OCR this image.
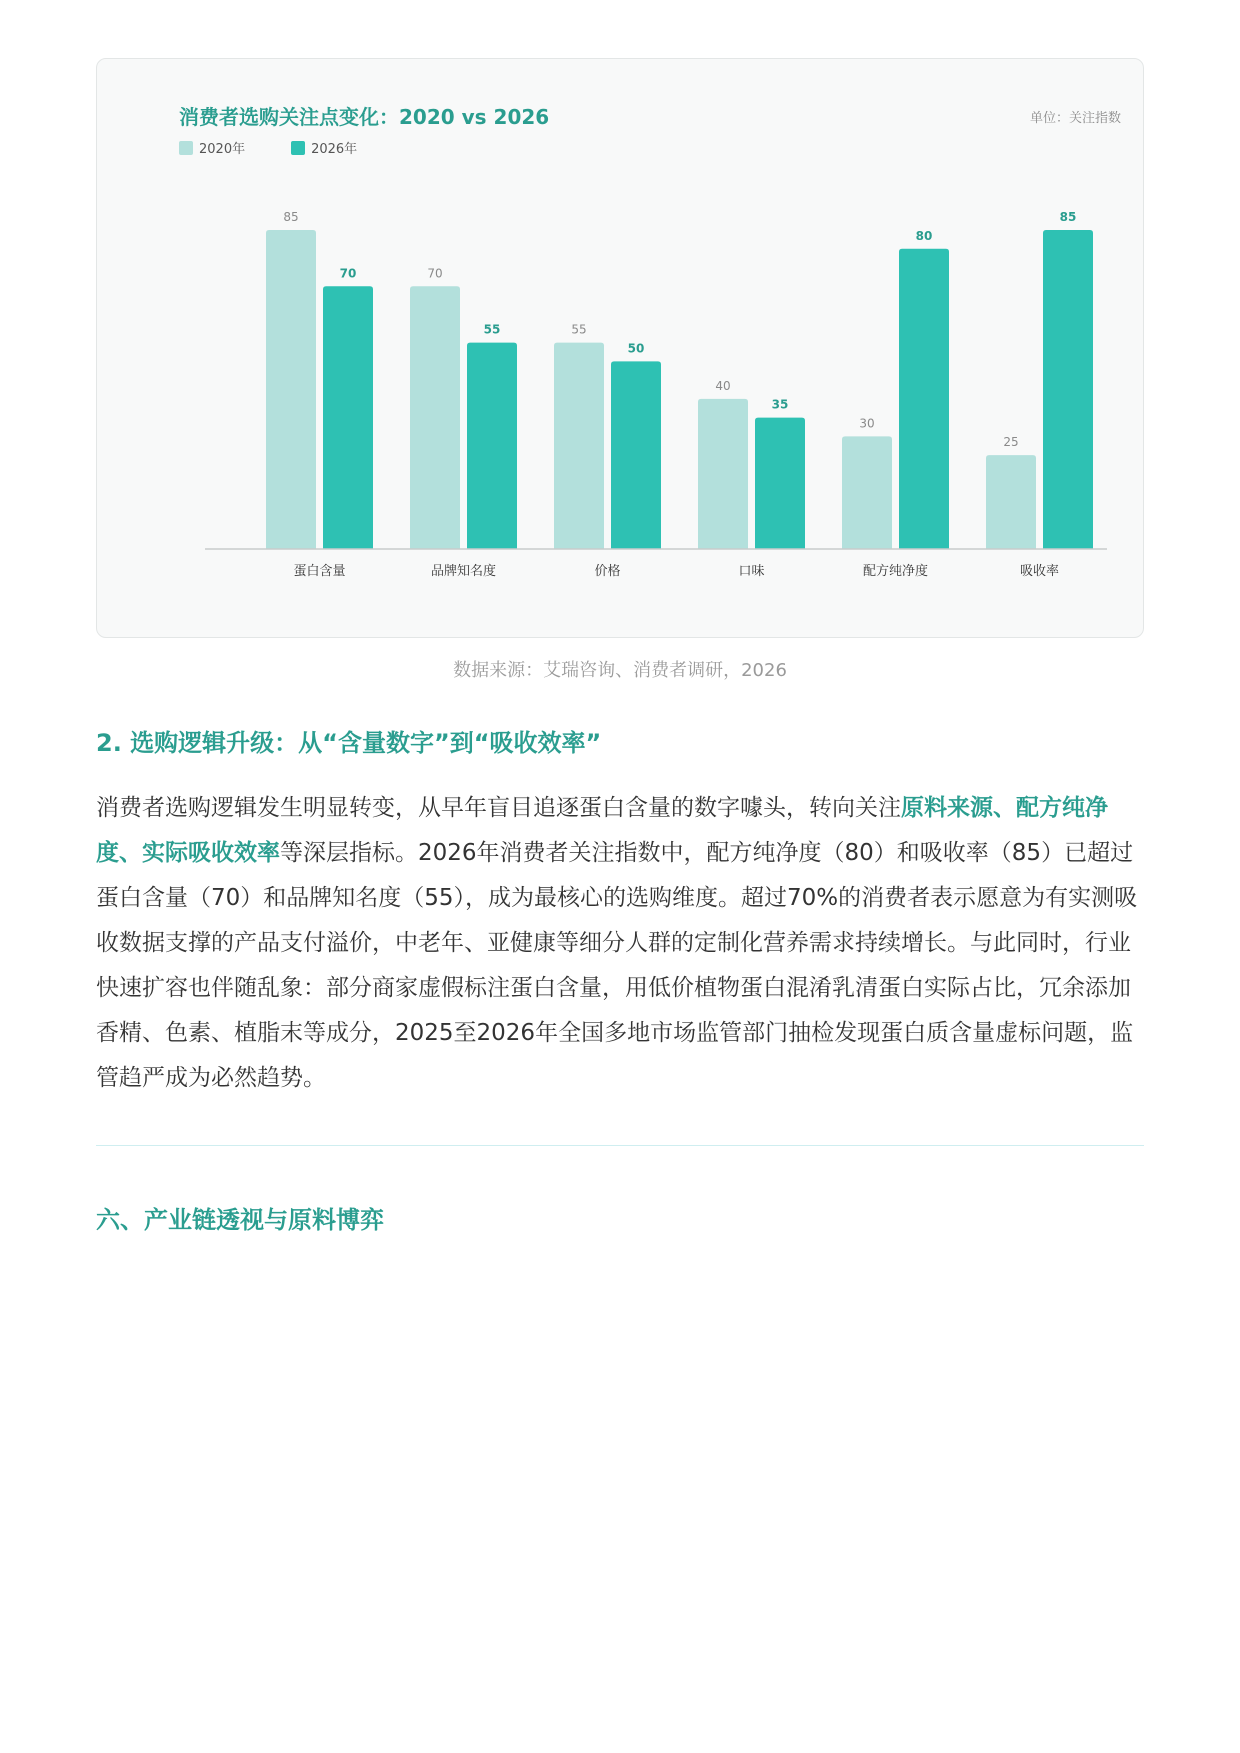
85
70
蛋白含量
70
55
品牌知名度
55
50
价格
40
35
口味
30
80
配方纯净度
25
85
吸收率
消费者选购关注点变化：2020 vs 2026	单位：关注指数
2020年	2026年
数据来源：艾瑞咨询、消费者调研，2026
2. 选购逻辑升级：从“含量数字”到“吸收效率”

消费者选购逻辑发生明显转变，从早年盲目追逐蛋白含量的数字噱头，转向关注原料来源、配方纯净度、实际吸收效率等深层指标。2026年消费者关注指数中，配方纯净度（80）和吸收率（85）已超过蛋白含量（70）和品牌知名度（55），成为最核心的选购维度。超过70%的消费者表示愿意为有实测吸收数据支撑的产品支付溢价，中老年、亚健康等细分人群的定制化营养需求持续增长。与此同时，行业快速扩容也伴随乱象：部分商家虚假标注蛋白含量，用低价植物蛋白混淆乳清蛋白实际占比，冗余添加香精、色素、植脂末等成分，2025至2026年全国多地市场监管部门抽检发现蛋白质含量虚标问题，监管趋严成为必然趋势。

六、产业链透视与原料博弈
